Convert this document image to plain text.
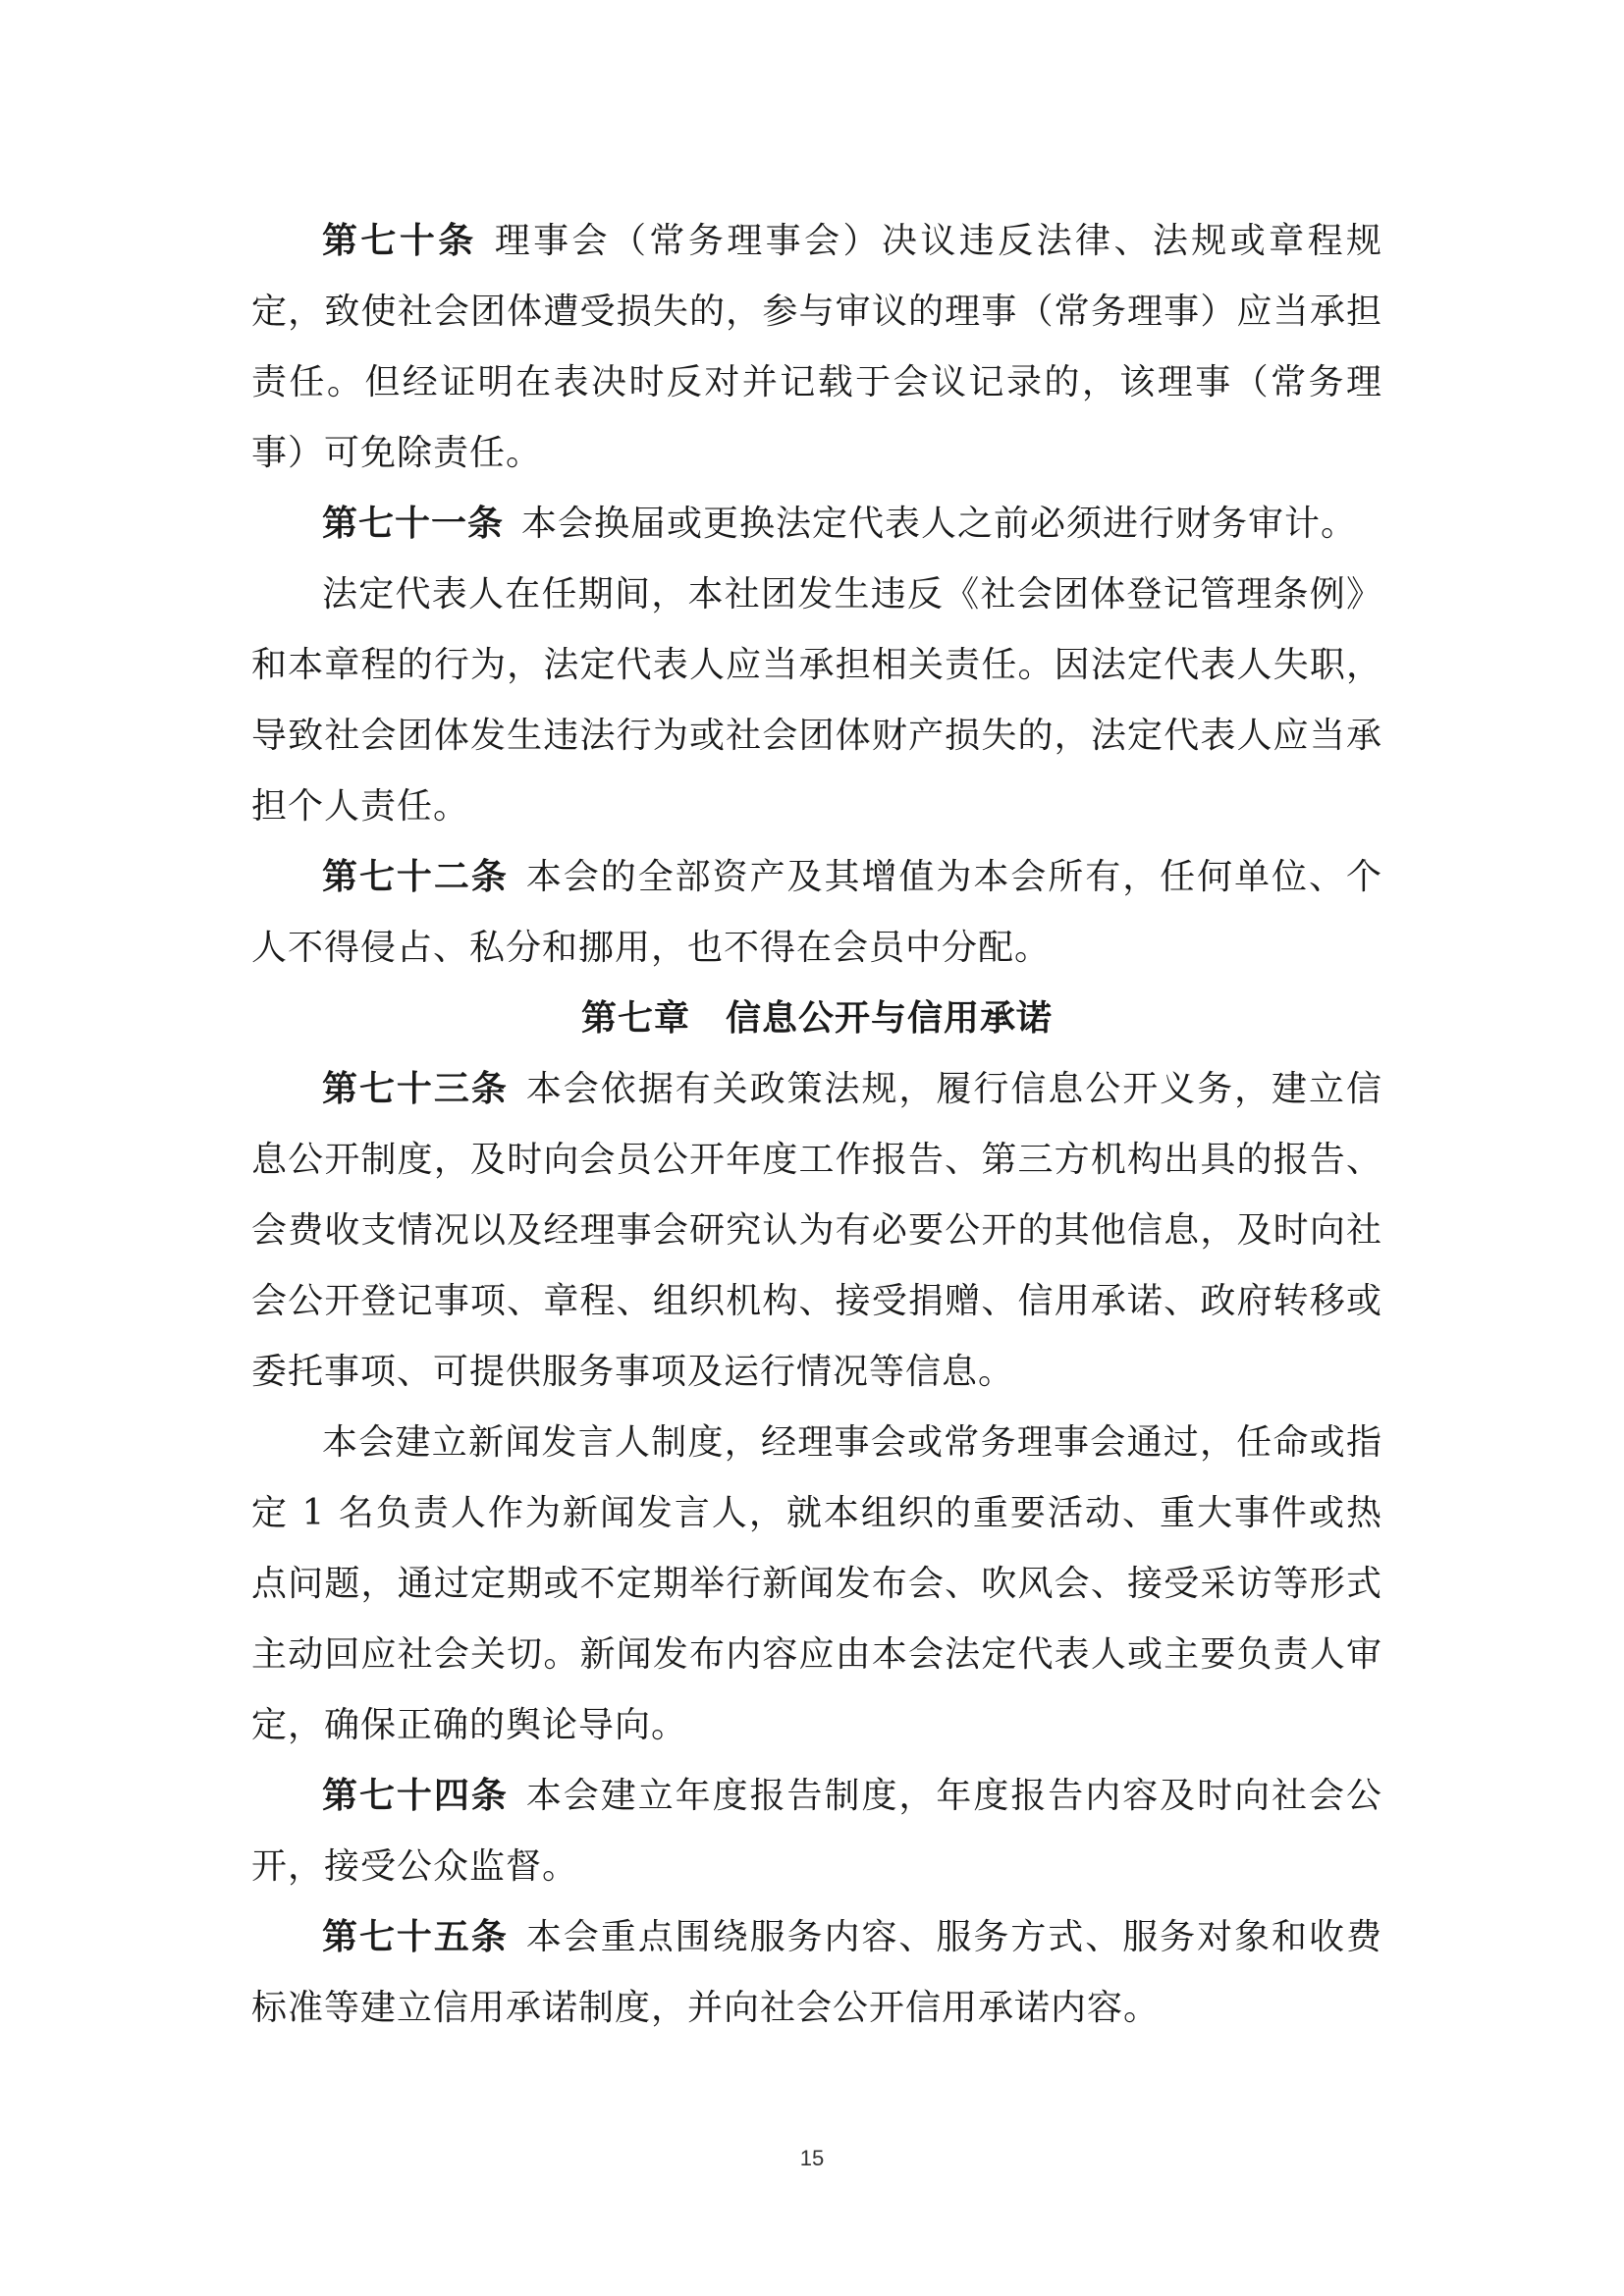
第七十条 理事会（常务理事会）决议违反法律、法规或章程规定，致使社会团体遭受损失的，参与审议的理事（常务理事）应当承担责任。但经证明在表决时反对并记载于会议记录的，该理事（常务理事）可免除责任。

第七十一条 本会换届或更换法定代表人之前必须进行财务审计。

法定代表人在任期间，本社团发生违反《社会团体登记管理条例》和本章程的行为，法定代表人应当承担相关责任。因法定代表人失职，导致社会团体发生违法行为或社会团体财产损失的，法定代表人应当承担个人责任。

第七十二条 本会的全部资产及其增值为本会所有，任何单位、个人不得侵占、私分和挪用，也不得在会员中分配。

第七章 信息公开与信用承诺

第七十三条 本会依据有关政策法规，履行信息公开义务，建立信息公开制度，及时向会员公开年度工作报告、第三方机构出具的报告、会费收支情况以及经理事会研究认为有必要公开的其他信息，及时向社会公开登记事项、章程、组织机构、接受捐赠、信用承诺、政府转移或委托事项、可提供服务事项及运行情况等信息。

本会建立新闻发言人制度，经理事会或常务理事会通过，任命或指定 1 名负责人作为新闻发言人，就本组织的重要活动、重大事件或热点问题，通过定期或不定期举行新闻发布会、吹风会、接受采访等形式主动回应社会关切。新闻发布内容应由本会法定代表人或主要负责人审定，确保正确的舆论导向。

第七十四条 本会建立年度报告制度，年度报告内容及时向社会公开，接受公众监督。

第七十五条 本会重点围绕服务内容、服务方式、服务对象和收费标准等建立信用承诺制度，并向社会公开信用承诺内容。

15
